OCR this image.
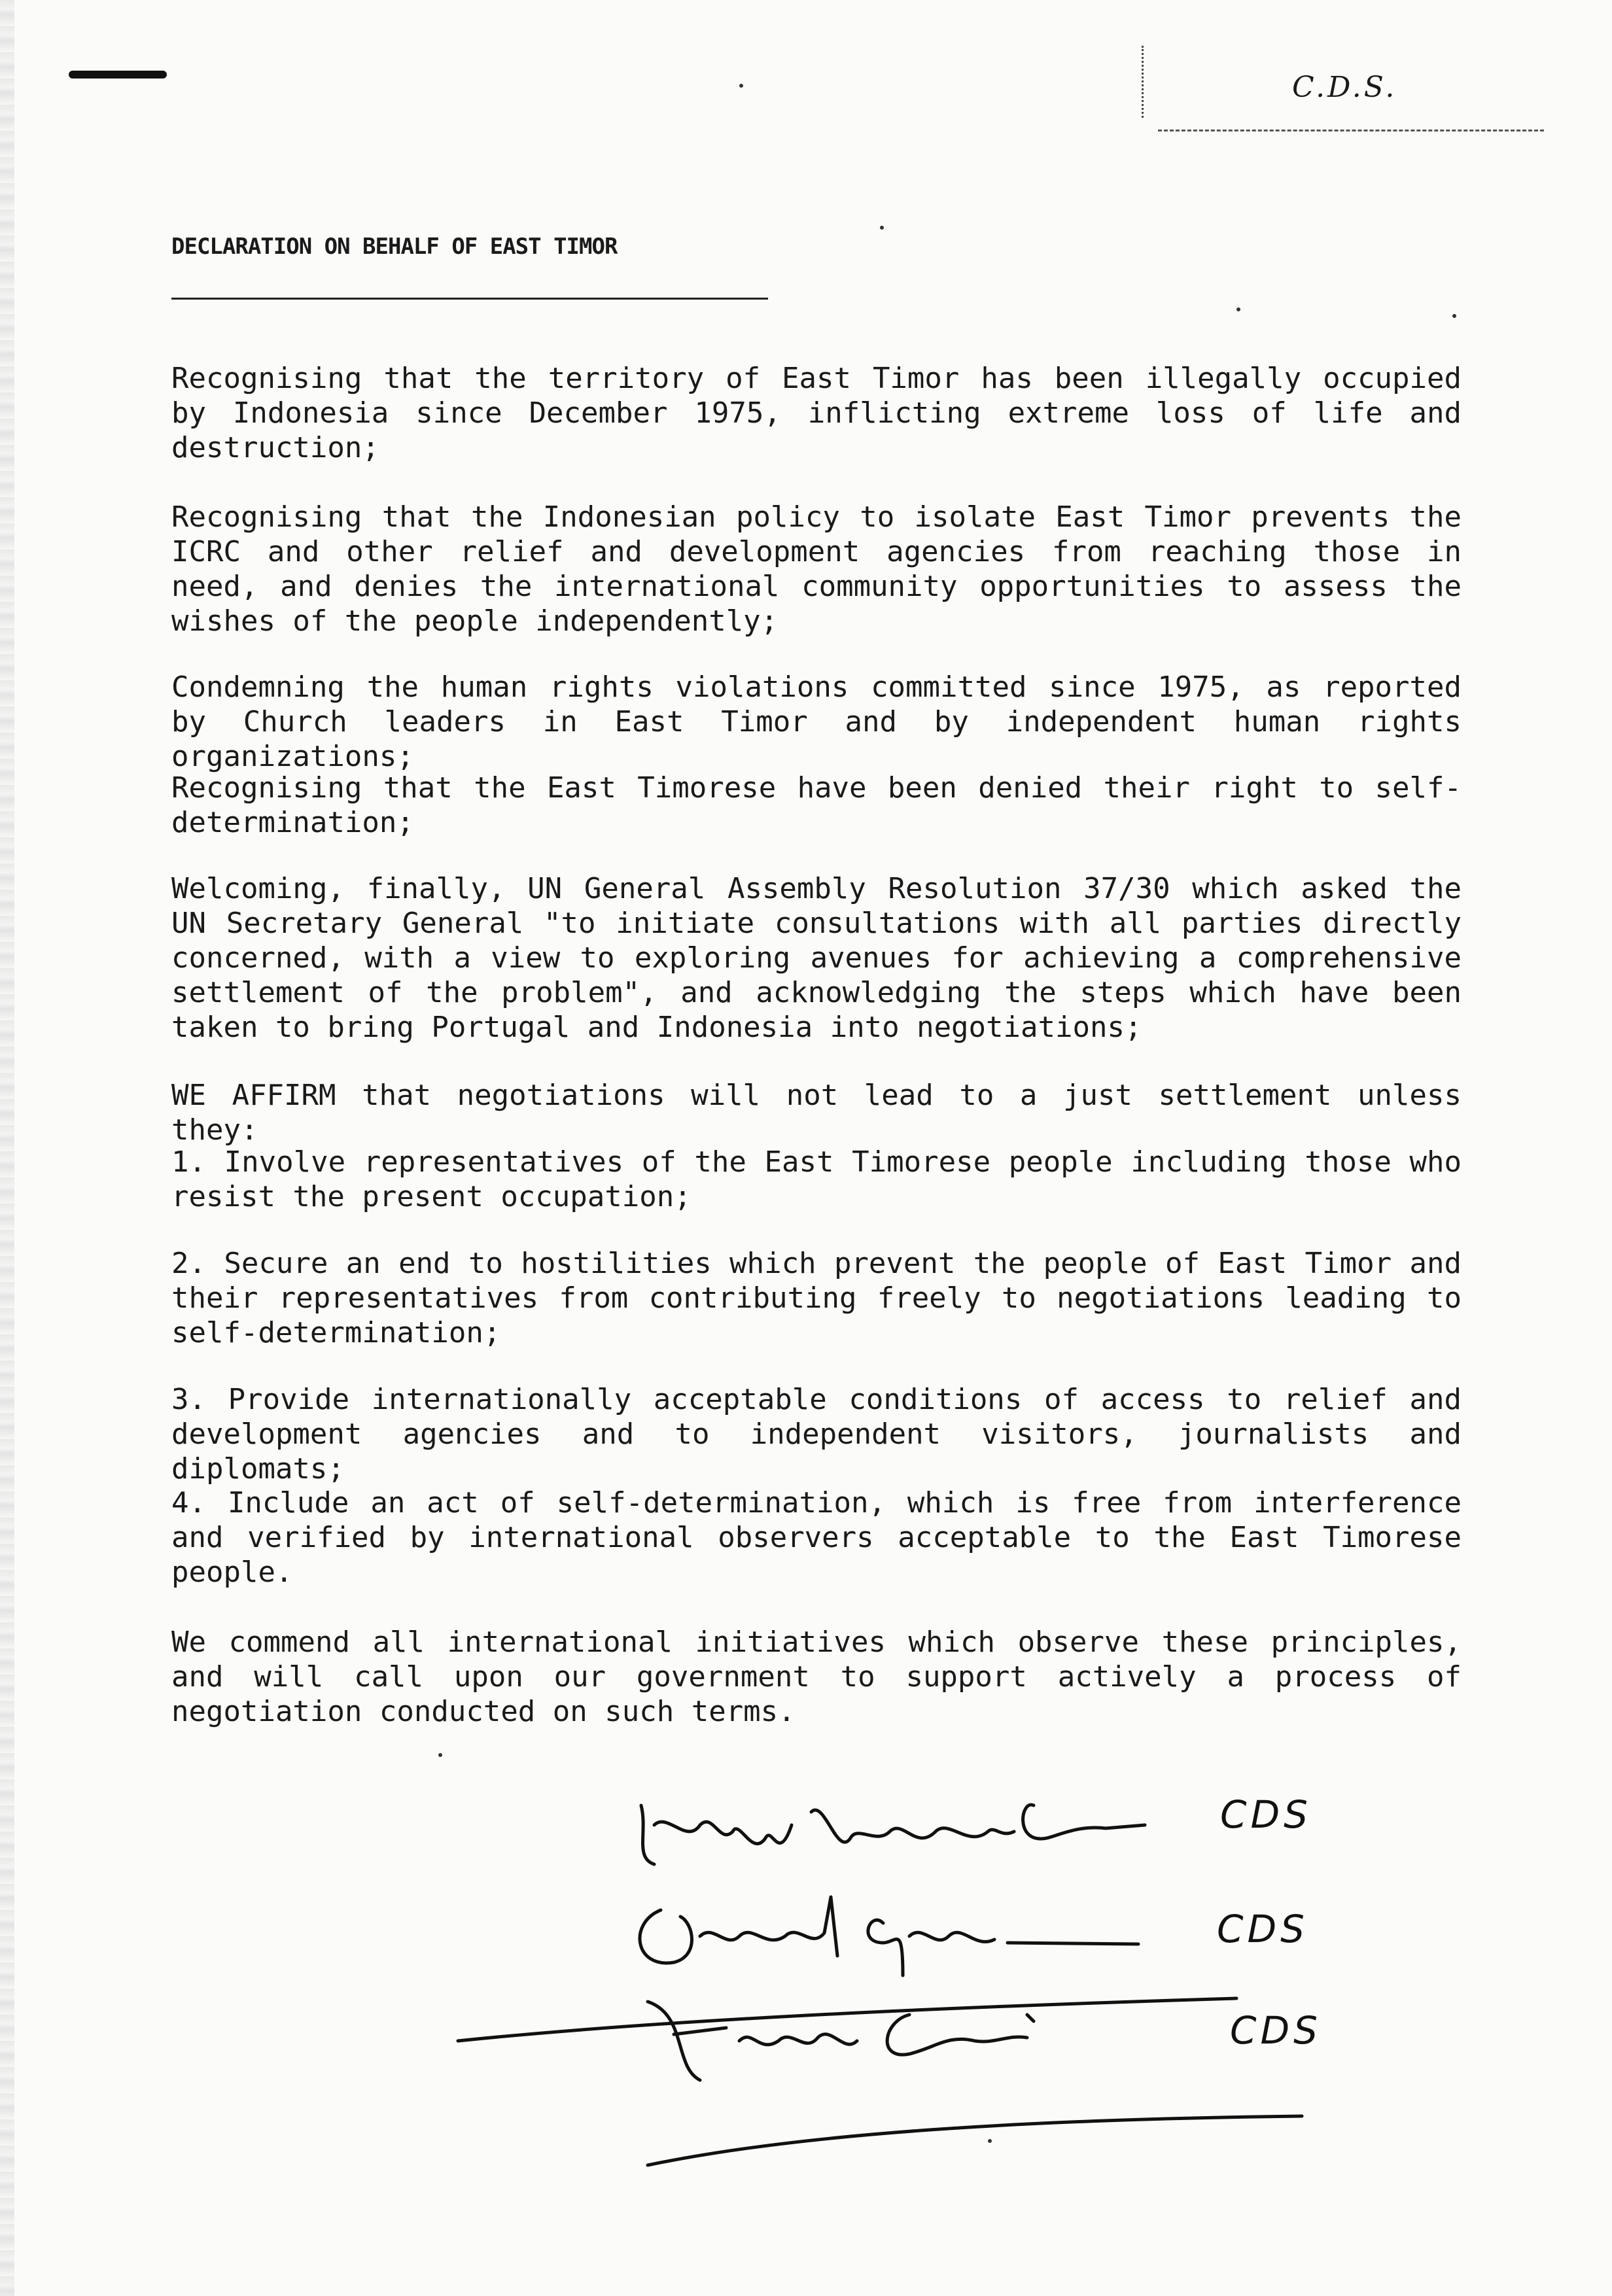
C.D.S.
DECLARATION ON BEHALF OF EAST TIMOR

Recognising that the territory of East Timor has been illegally occupied by Indonesia since December 1975, inflicting extreme loss of life and destruction;

Recognising that the Indonesian policy to isolate East Timor prevents the ICRC and other relief and development agencies from reaching those in need, and denies the international community opportunities to assess the wishes of the people independently;

Condemning the human rights violations committed since 1975, as reported by Church leaders in East Timor and by independent human rights organizations;

Recognising that the East Timorese have been denied their right to self-determination;

Welcoming, finally, UN General Assembly Resolution 37/30 which asked the UN Secretary General "to initiate consultations with all parties directly concerned, with a view to exploring avenues for achieving a comprehensive settlement of the problem", and acknowledging the steps which have been taken to bring Portugal and Indonesia into negotiations;

WE AFFIRM that negotiations will not lead to a just settlement unless they:

1. Involve representatives of the East Timorese people including those who resist the present occupation;

2. Secure an end to hostilities which prevent the people of East Timor and their representatives from contributing freely to negotiations leading to self-determination;

3. Provide internationally acceptable conditions of access to relief and development agencies and to independent visitors, journalists and diplomats;

4. Include an act of self-determination, which is free from interference and verified by international observers acceptable to the East Timorese people.

We commend all international initiatives which observe these principles, and will call upon our government to support actively a process of negotiation conducted on such terms.

CDS
CDS
CDS
